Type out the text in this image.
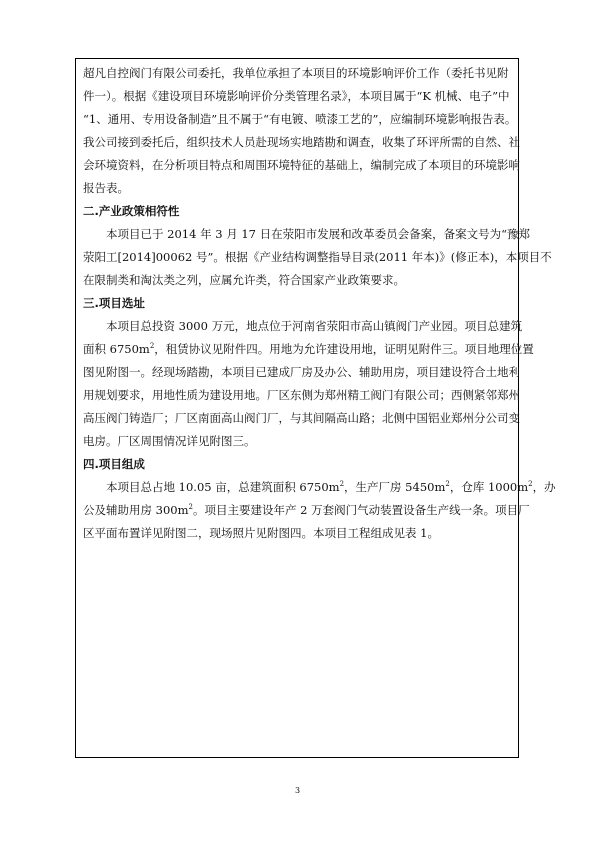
超凡自控阀门有限公司委托，我单位承担了本项目的环境影响评价工作（委托书见附
件一）。根据《建设项目环境影响评价分类管理名录》，本项目属于“K 机械、电子”中
“1、通用、专用设备制造”且不属于“有电镀、喷漆工艺的”，应编制环境影响报告表。
我公司接到委托后，组织技术人员赴现场实地踏勘和调查，收集了环评所需的自然、社
会环境资料，在分析项目特点和周围环境特征的基础上，编制完成了本项目的环境影响
报告表。
二.产业政策相符性
本项目已于 2014 年 3 月 17 日在荥阳市发展和改革委员会备案，备案文号为“豫郑
荥阳工[2014]00062 号”。根据《产业结构调整指导目录(2011 年本)》(修正本)，本项目不
在限制类和淘汰类之列，应属允许类，符合国家产业政策要求。
三.项目选址
本项目总投资 3000 万元，地点位于河南省荥阳市高山镇阀门产业园。项目总建筑
面积 $6750m^2$，租赁协议见附件四。用地为允许建设用地，证明见附件三。项目地理位置
图见附图一。经现场踏勘，本项目已建成厂房及办公、辅助用房，项目建设符合土地利
用规划要求，用地性质为建设用地。厂区东侧为郑州精工阀门有限公司；西侧紧邻郑州
高压阀门铸造厂；厂区南面高山阀门厂，与其间隔高山路；北侧中国铝业郑州分公司变
电房。厂区周围情况详见附图三。
四.项目组成
本项目总占地 10.05 亩，总建筑面积 $6750m^2$，生产厂房 $5450m^2$，仓库 $1000m^2$，办
公及辅助用房 $300m^2$。项目主要建设年产 2 万套阀门气动装置设备生产线一条。项目厂
区平面布置详见附图二，现场照片见附图四。本项目工程组成见表 1。
3
